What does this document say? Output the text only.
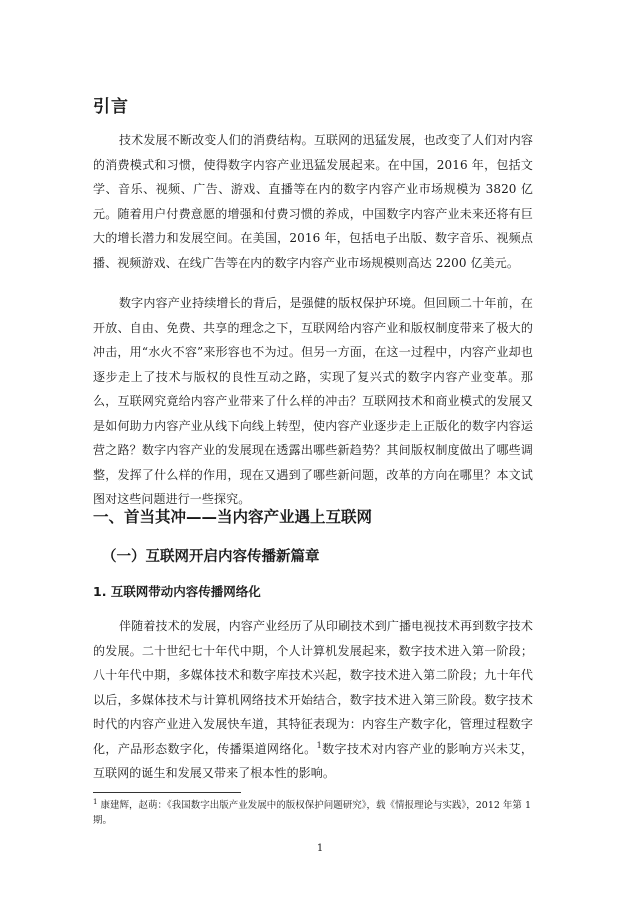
引言

技术发展不断改变人们的消费结构。互联网的迅猛发展，也改变了人们对内容的消费模式和习惯，使得数字内容产业迅猛发展起来。在中国，2016 年，包括文学、音乐、视频、广告、游戏、直播等在内的数字内容产业市场规模为 3820 亿元。随着用户付费意愿的增强和付费习惯的养成，中国数字内容产业未来还将有巨大的增长潜力和发展空间。在美国，2016 年，包括电子出版、数字音乐、视频点播、视频游戏、在线广告等在内的数字内容产业市场规模则高达 2200 亿美元。

数字内容产业持续增长的背后，是强健的版权保护环境。但回顾二十年前，在开放、自由、免费、共享的理念之下，互联网给内容产业和版权制度带来了极大的冲击，用“水火不容”来形容也不为过。但另一方面，在这一过程中，内容产业却也逐步走上了技术与版权的良性互动之路，实现了复兴式的数字内容产业变革。那么，互联网究竟给内容产业带来了什么样的冲击？互联网技术和商业模式的发展又是如何助力内容产业从线下向线上转型，使内容产业逐步走上正版化的数字内容运营之路？数字内容产业的发展现在透露出哪些新趋势？其间版权制度做出了哪些调整，发挥了什么样的作用，现在又遇到了哪些新问题，改革的方向在哪里？本文试图对这些问题进行一些探究。

一、首当其冲——当内容产业遇上互联网
（一）互联网开启内容传播新篇章
1. 互联网带动内容传播网络化

伴随着技术的发展，内容产业经历了从印刷技术到广播电视技术再到数字技术的发展。二十世纪七十年代中期，个人计算机发展起来，数字技术进入第一阶段；八十年代中期，多媒体技术和数字库技术兴起，数字技术进入第二阶段；九十年代以后，多媒体技术与计算机网络技术开始结合，数字技术进入第三阶段。数字技术时代的内容产业进入发展快车道，其特征表现为：内容生产数字化，管理过程数字化，产品形态数字化，传播渠道网络化。$^1$数字技术对内容产业的影响方兴未艾，互联网的诞生和发展又带来了根本性的影响。

$^1$ 康建辉，赵萌：《我国数字出版产业发展中的版权保护问题研究》，载《情报理论与实践》，2012 年第 1 期。

1
